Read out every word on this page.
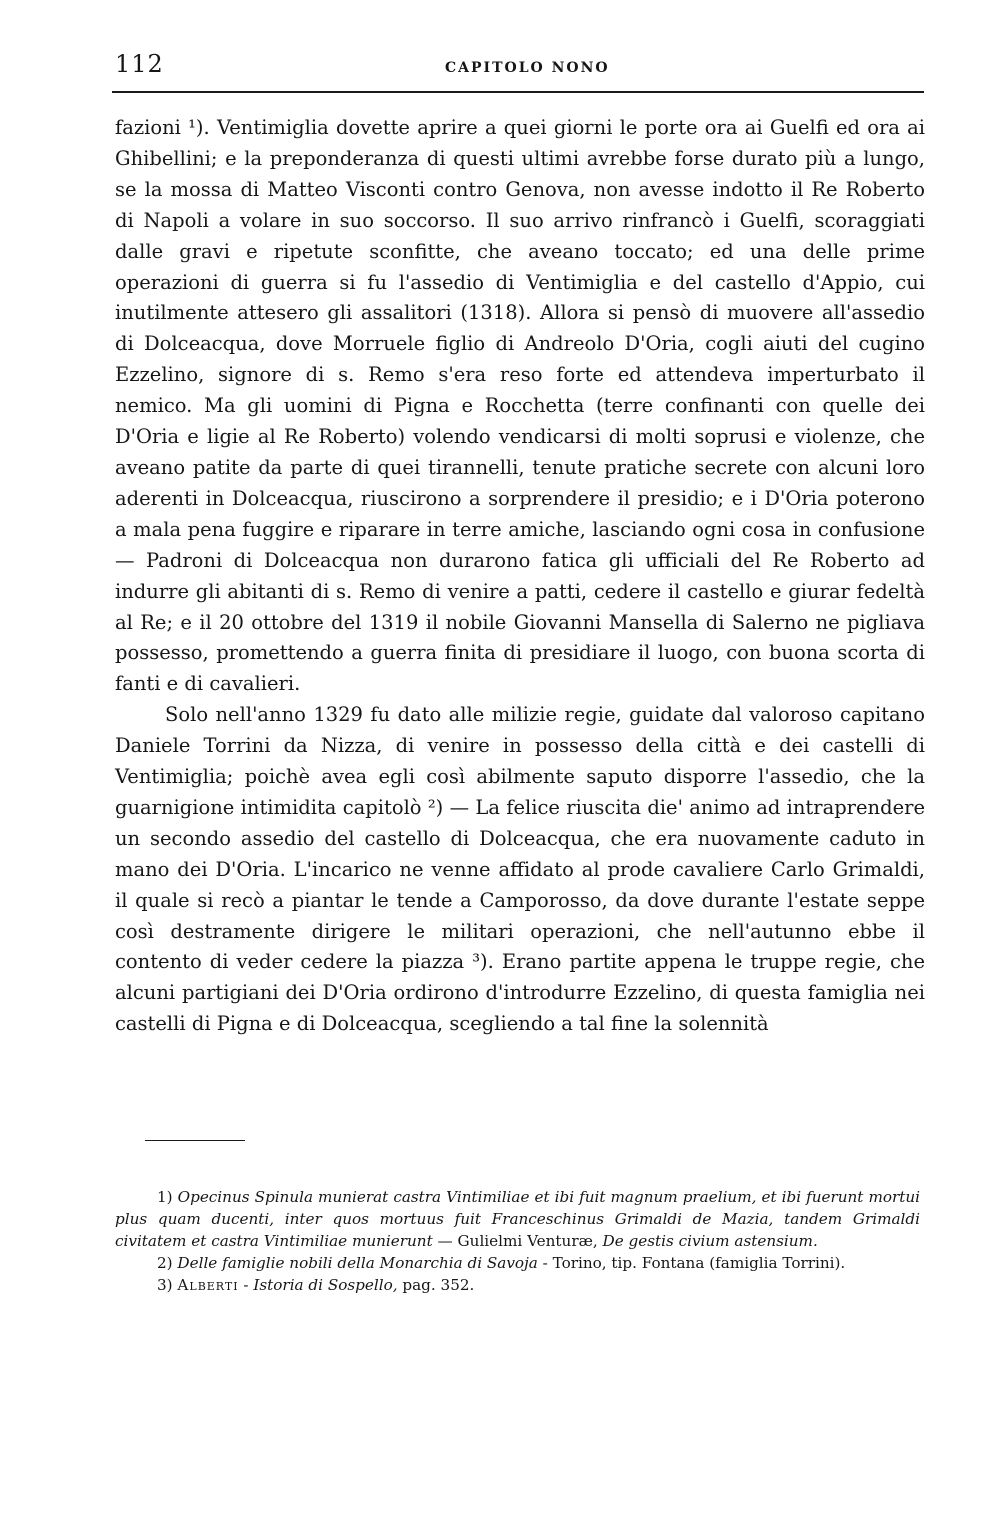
112	CAPITOLO NONO

fazioni ¹). Ventimiglia dovette aprire a quei giorni le porte ora ai Guelfi ed ora ai Ghibellini; e la preponderanza di questi ultimi avrebbe forse durato più a lungo, se la mossa di Matteo Visconti contro Genova, non avesse indotto il Re Roberto di Napoli a volare in suo soccorso. Il suo arrivo rinfrancò i Guelfi, scoraggiati dalle gravi e ripetute sconfitte, che aveano toccato; ed una delle prime operazioni di guerra si fu l'assedio di Ventimiglia e del castello d'Appio, cui inutilmente attesero gli assalitori (1318). Allora si pensò di muovere all'assedio di Dolceacqua, dove Morruele figlio di Andreolo D'Oria, cogli aiuti del cugino Ezzelino, signore di s. Remo s'era reso forte ed attendeva imperturbato il nemico. Ma gli uomini di Pigna e Rocchetta (terre confinanti con quelle dei D'Oria e ligie al Re Roberto) volendo vendicarsi di molti soprusi e violenze, che aveano patite da parte di quei tirannelli, tenute pratiche secrete con alcuni loro aderenti in Dolceacqua, riuscirono a sorprendere il presidio; e i D'Oria poterono a mala pena fuggire e riparare in terre amiche, lasciando ogni cosa in confusione — Padroni di Dolceacqua non durarono fatica gli ufficiali del Re Roberto ad indurre gli abitanti di s. Remo di venire a patti, cedere il castello e giurar fedeltà al Re; e il 20 ottobre del 1319 il nobile Giovanni Mansella di Salerno ne pigliava possesso, promettendo a guerra finita di presidiare il luogo, con buona scorta di fanti e di cavalieri.

Solo nell'anno 1329 fu dato alle milizie regie, guidate dal valoroso capitano Daniele Torrini da Nizza, di venire in possesso della città e dei castelli di Ventimiglia; poichè avea egli così abilmente saputo disporre l'assedio, che la guarnigione intimidita capitolò ²) — La felice riuscita die' animo ad intraprendere un secondo assedio del castello di Dolceacqua, che era nuovamente caduto in mano dei D'Oria. L'incarico ne venne affidato al prode cavaliere Carlo Grimaldi, il quale si recò a piantar le tende a Camporosso, da dove durante l'estate seppe così destramente dirigere le militari operazioni, che nell'autunno ebbe il contento di veder cedere la piazza ³). Erano partite appena le truppe regie, che alcuni partigiani dei D'Oria ordirono d'introdurre Ezzelino, di questa famiglia nei castelli di Pigna e di Dolceacqua, scegliendo a tal fine la solennità

1) Opecinus Spinula munierat castra Vintimiliae et ibi fuit magnum praelium, et ibi fuerunt mortui plus quam ducenti, inter quos mortuus fuit Franceschinus Grimaldi de Mazia, tandem Grimaldi civitatem et castra Vintimiliae munierunt — Gulielmi Venturæ, De gestis civium astensium.

2) Delle famiglie nobili della Monarchia di Savoja - Torino, tip. Fontana (famiglia Torrini).

3) Alberti - Istoria di Sospello, pag. 352.
